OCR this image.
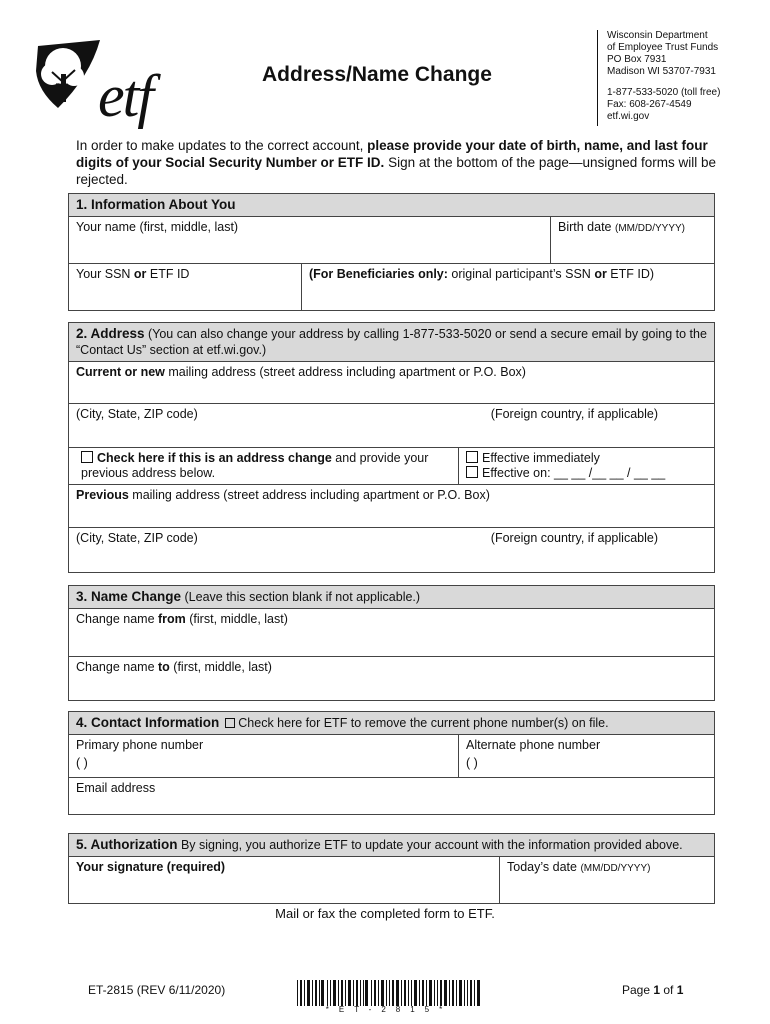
etf	Address/Name Change
Wisconsin Department
of Employee Trust Funds
PO Box 7931
Madison WI 53707-7931
1-877-533-5020 (toll free)
Fax: 608-267-4549
etf.wi.gov
In order to make updates to the correct account, please provide your date of birth, name, and last four digits of your Social Security Number or ETF ID. Sign at the bottom of the page—unsigned forms will be rejected.
1. Information About You
Your name (first, middle, last)	Birth date (MM/DD/YYYY)
Your SSN or ETF ID	(For Beneficiaries only: original participant’s SSN or ETF ID)
2. Address (You can also change your address by calling 1-877-533-5020 or send a secure email by going to the “Contact Us” section at etf.wi.gov.)
Current or new mailing address (street address including apartment or P.O. Box)
(City, State, ZIP code)	(Foreign country, if applicable)
Check here if this is an address change and provide your previous address below.
Effective immediately
Effective on: __ __ /__ __ / __ __
Previous mailing address (street address including apartment or P.O. Box)
(City, State, ZIP code)	(Foreign country, if applicable)
3. Name Change (Leave this section blank if not applicable.)
Change name from (first, middle, last)
Change name to (first, middle, last)
4. Contact Information Check here for ETF to remove the current phone number(s) on file.
Primary phone number
( )
Alternate phone number
( )
Email address
5. Authorization By signing, you authorize ETF to update your account with the information provided above.
Your signature (required)	Today’s date (MM/DD/YYYY)
Mail or fax the completed form to ETF.
ET-2815 (REV 6/11/2020)
*ET-2815*
Page 1 of 1
